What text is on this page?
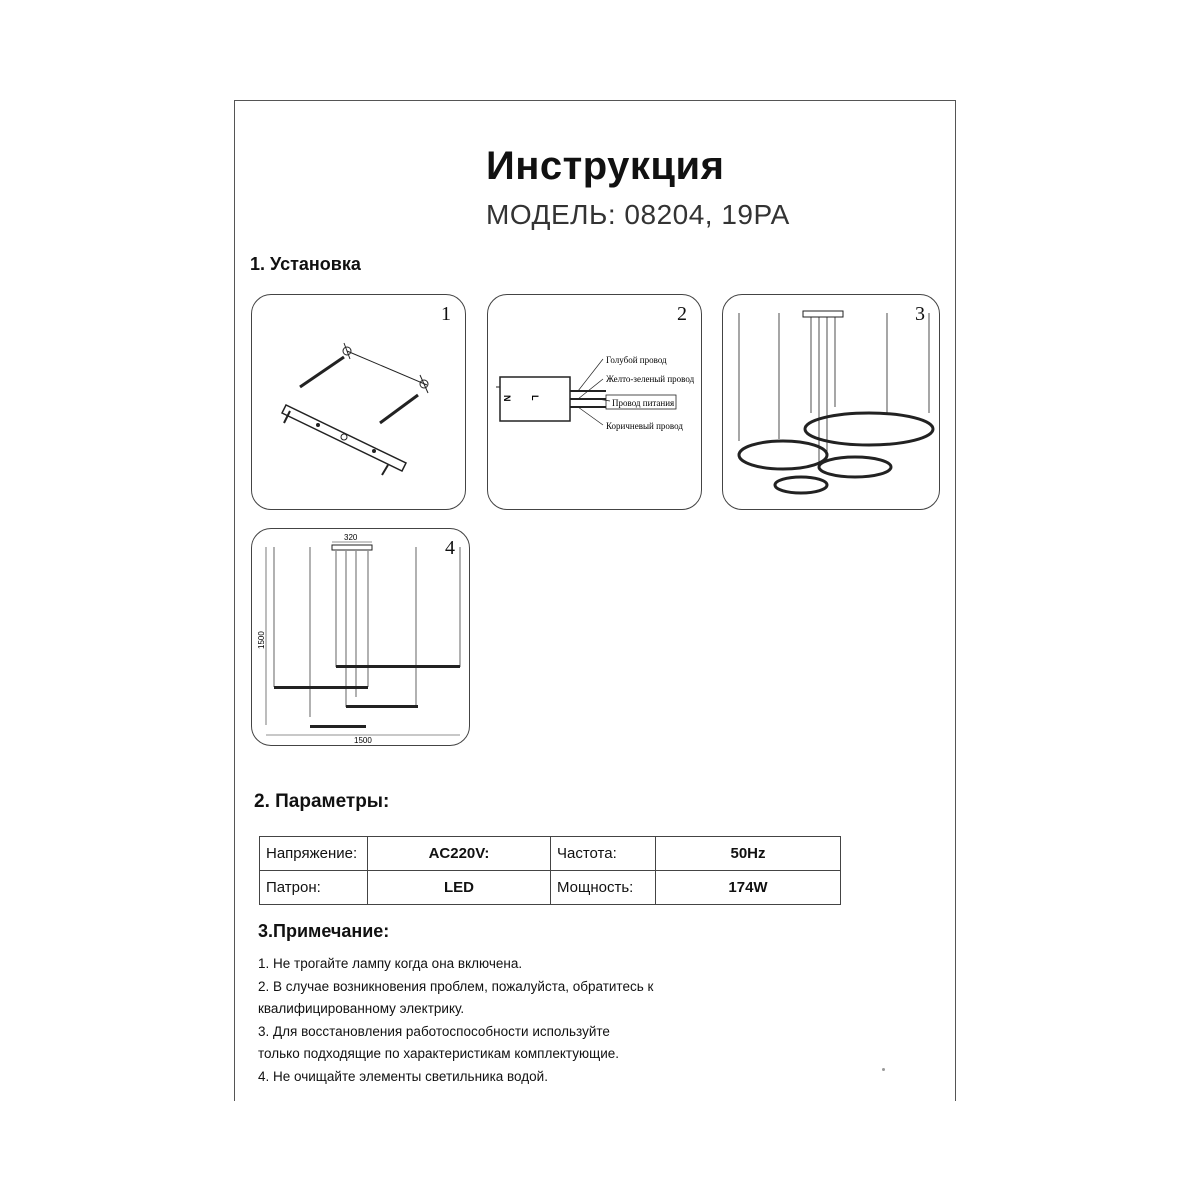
Инструкция
МОДЕЛЬ: 08204, 19PA
1. Установка
1	2
N L
Голубой провод
Желто-зеленый провод
Провод питания
Коричневый провод
3
4
320
1500
1500
2. Параметры:
Напряжение:	AC220V:	Частота:	50Hz
Патрон:	LED	Мощность:	174W
3.Примечание:
1. Не трогайте лампу когда она включена.
2. В случае возникновения проблем, пожалуйста, обратитесь к
квалифицированному электрику.
3. Для восстановления работоспособности используйте
только подходящие по характеристикам комплектующие.
4. Не очищайте элементы светильника водой.
